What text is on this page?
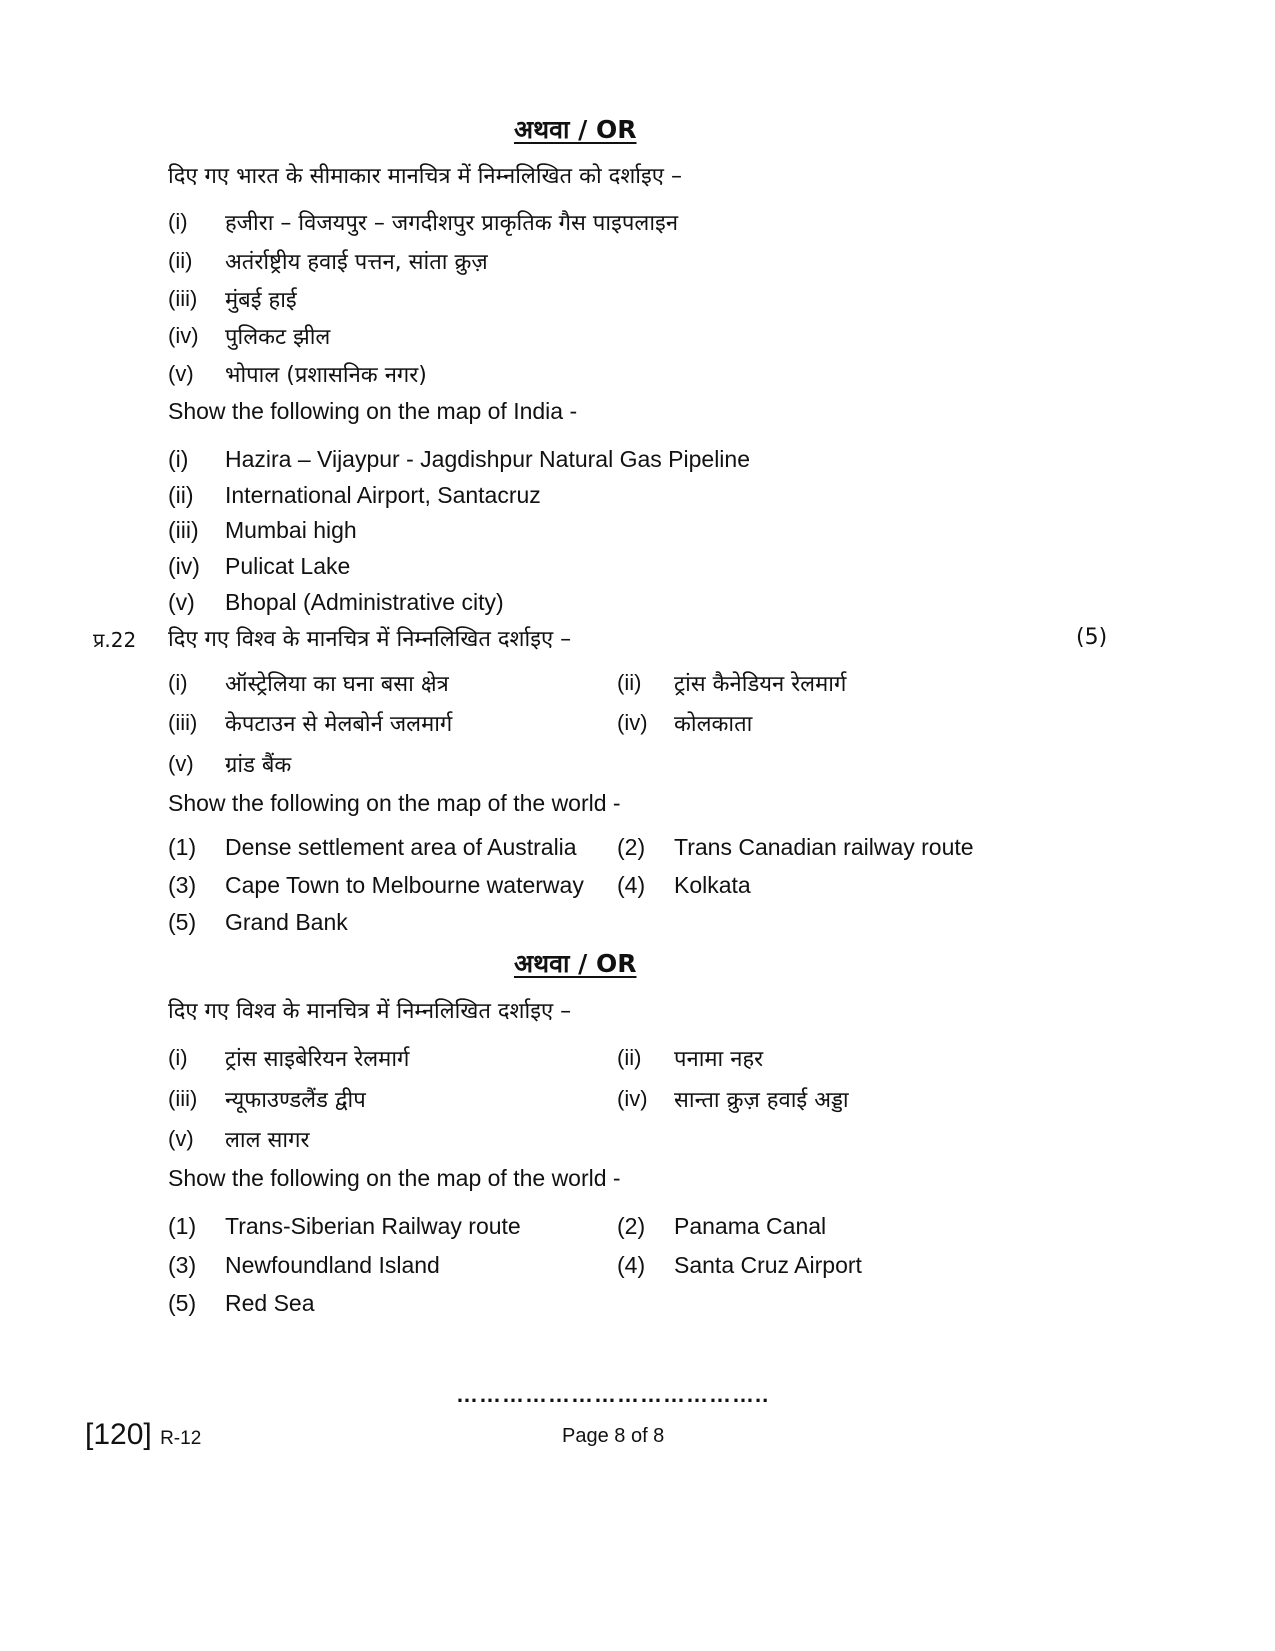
अथवा / OR
दिए गए भारत के सीमाकार मानचित्र में निम्नलिखित को दर्शाइए –
(i) हजीरा – विजयपुर – जगदीशपुर प्राकृतिक गैस पाइपलाइन
(ii) अतंर्राष्ट्रीय हवाई पत्तन, सांता क्रुज़
(iii) मुंबई हाई
(iv) पुलिकट झील
(v) भोपाल (प्रशासनिक नगर)
Show the following on the map of India -
(i) Hazira – Vijaypur - Jagdishpur Natural Gas Pipeline
(ii) International Airport, Santacruz
(iii) Mumbai high
(iv) Pulicat Lake
(v) Bhopal (Administrative city)
प्र.22 दिए गए विश्व के मानचित्र में निम्नलिखित दर्शाइए –	(5)
(i) ऑस्ट्रेलिया का घना बसा क्षेत्र	(ii) ट्रांस कैनेडियन रेलमार्ग
(iii) केपटाउन से मेलबोर्न जलमार्ग	(iv) कोलकाता
(v) ग्रांड बैंक
Show the following on the map of the world -
(1) Dense settlement area of Australia (2) Trans Canadian railway route
(3) Cape Town to Melbourne waterway (4) Kolkata
(5) Grand Bank
अथवा / OR
दिए गए विश्व के मानचित्र में निम्नलिखित दर्शाइए –
(i) ट्रांस साइबेरियन रेलमार्ग	(ii) पनामा नहर
(iii) न्यूफाउण्डलैंड द्वीप	(iv) सान्ता क्रुज़ हवाई अड्डा
(v) लाल सागर
Show the following on the map of the world -
(1) Trans-Siberian Railway route	(2) Panama Canal
(3) Newfoundland Island	(4) Santa Cruz Airport
(5) Red Sea
…………………………………..
[120] R-12	Page 8 of 8
